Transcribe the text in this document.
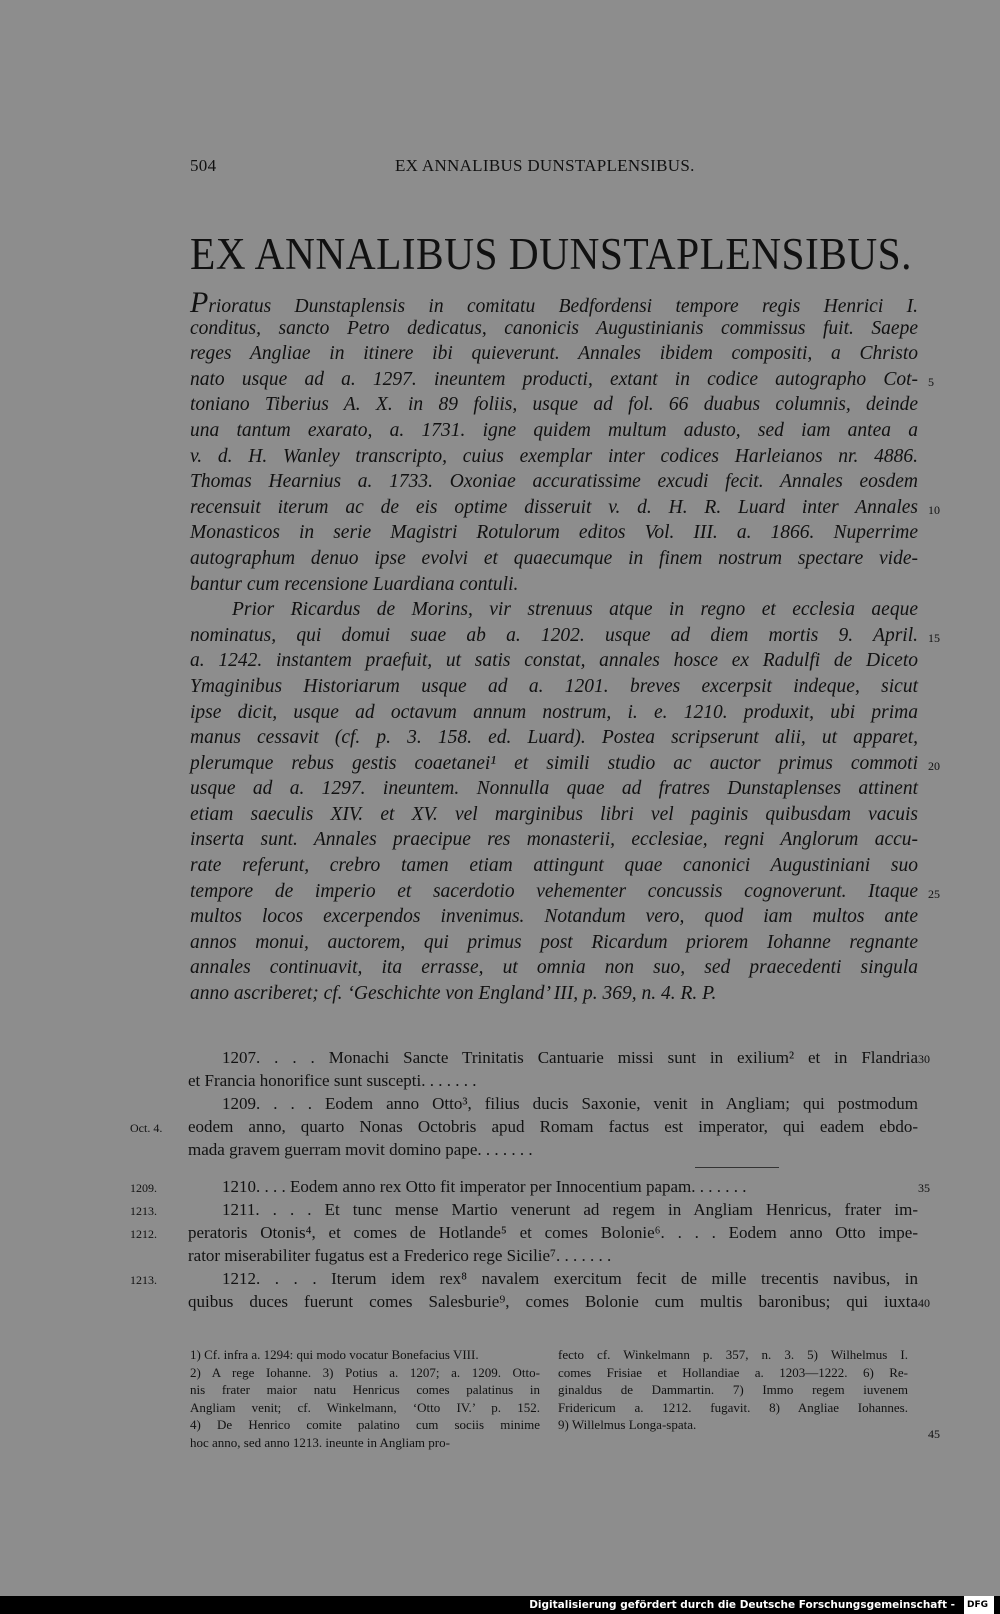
504	EX ANNALIBUS DUNSTAPLENSIBUS.
EX ANNALIBUS DUNSTAPLENSIBUS.
Prioratus Dunstaplensis in comitatu Bedfordensi tempore regis Henrici I.
conditus, sancto Petro dedicatus, canonicis Augustinianis commissus fuit. Saepe
reges Angliae in itinere ibi quieverunt. Annales ibidem compositi, a Christo
nato usque ad a. 1297. ineuntem producti, extant in codice autographo Cot- 5
toniano Tiberius A. X. in 89 foliis, usque ad fol. 66 duabus columnis, deinde
una tantum exarato, a. 1731. igne quidem multum adusto, sed iam antea a
v. d. H. Wanley transcripto, cuius exemplar inter codices Harleianos nr. 4886.
Thomas Hearnius a. 1733. Oxoniae accuratissime excudi fecit. Annales eosdem
recensuit iterum ac de eis optime disseruit v. d. H. R. Luard inter Annales 10
Monasticos in serie Magistri Rotulorum editos Vol. III. a. 1866. Nuperrime
autographum denuo ipse evolvi et quaecumque in finem nostrum spectare vide-
bantur cum recensione Luardiana contuli.
Prior Ricardus de Morins, vir strenuus atque in regno et ecclesia aeque
nominatus, qui domui suae ab a. 1202. usque ad diem mortis 9. April. 15
a. 1242. instantem praefuit, ut satis constat, annales hosce ex Radulfi de Diceto
Ymaginibus Historiarum usque ad a. 1201. breves excerpsit indeque, sicut
ipse dicit, usque ad octavum annum nostrum, i. e. 1210. produxit, ubi prima
manus cessavit (cf. p. 3. 158. ed. Luard). Postea scripserunt alii, ut apparet,
plerumque rebus gestis coaetanei¹ et simili studio ac auctor primus commoti 20
usque ad a. 1297. ineuntem. Nonnulla quae ad fratres Dunstaplenses attinent
etiam saeculis XIV. et XV. vel marginibus libri vel paginis quibusdam vacuis
inserta sunt. Annales praecipue res monasterii, ecclesiae, regni Anglorum accu-
rate referunt, crebro tamen etiam attingunt quae canonici Augustiniani suo
tempore de imperio et sacerdotio vehementer concussis cognoverunt. Itaque 25
multos locos excerpendos invenimus. Notandum vero, quod iam multos ante
annos monui, auctorem, qui primus post Ricardum priorem Iohanne regnante
annales continuavit, ita errasse, ut omnia non suo, sed praecedenti singula
anno ascriberet; cf. ‘Geschichte von England’ III, p. 369, n. 4. R. P.
1207. . . . Monachi Sancte Trinitatis Cantuarie missi sunt in exilium² et in Flandria 30
et Francia honorifice sunt suscepti. . . . . . .
1209. . . . Eodem anno Otto³, filius ducis Saxonie, venit in Angliam; qui postmodum
Oct. 4.	eodem anno, quarto Nonas Octobris apud Romam factus est imperator, qui eadem ebdo-
mada gravem guerram movit domino pape. . . . . . .
1209.	1210. . . . Eodem anno rex Otto fit imperator per Innocentium papam. . . . . . .	35
1213.	1211. . . . Et tunc mense Martio venerunt ad regem in Angliam Henricus, frater im-
1212.	peratoris Otonis⁴, et comes de Hotlande⁵ et comes Bolonie⁶. . . . Eodem anno Otto impe-
rator miserabiliter fugatus est a Frederico rege Sicilie⁷. . . . . . .
1213.	1212. . . . Iterum idem rex⁸ navalem exercitum fecit de mille trecentis navibus, in
quibus duces fuerunt comes Salesburie⁹, comes Bolonie cum multis baronibus; qui iuxta 40
1) Cf. infra a. 1294: qui modo vocatur Bonefacius VIII.
2) A rege Iohanne. 3) Potius a. 1207; a. 1209. Otto-
nis frater maior natu Henricus comes palatinus in
Angliam venit; cf. Winkelmann, ‘Otto IV.’ p. 152.
4) De Henrico comite palatino cum sociis minime
hoc anno, sed anno 1213. ineunte in Angliam pro-
fecto cf. Winkelmann p. 357, n. 3. 5) Wilhelmus I.
comes Frisiae et Hollandiae a. 1203—1222. 6) Re-
ginaldus de Dammartin. 7) Immo regem iuvenem
Fridericum a. 1212. fugavit. 8) Angliae Iohannes.
9) Willelmus Longa-spata.
45
Digitalisierung gefördert durch die Deutsche Forschungsgemeinschaft - DFG
